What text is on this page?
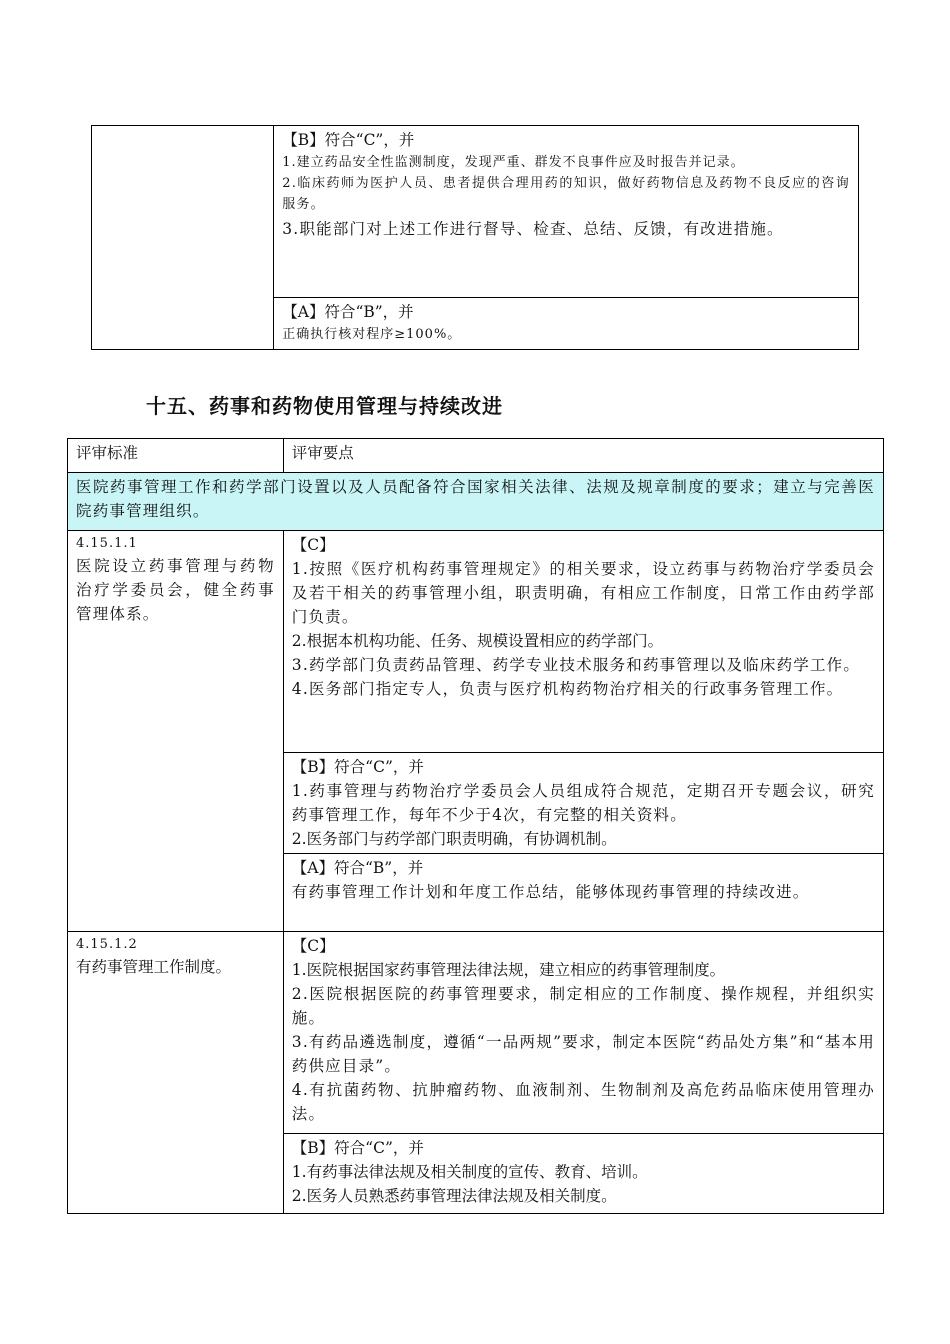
【B】符合“C”，并
1.建立药品安全性监测制度，发现严重、群发不良事件应及时报告并记录。
2.临床药师为医护人员、患者提供合理用药的知识，做好药物信息及药物不良反应的咨询服务。
3.职能部门对上述工作进行督导、检查、总结、反馈，有改进措施。

【A】符合“B”，并
正确执行核对程序≥100%。
十五、药事和药物使用管理与持续改进
评审标准	评审要点
医院药事管理工作和药学部门设置以及人员配备符合国家相关法律、法规及规章制度的要求；建立与完善医院药事管理组织。	

4.15.1.1
医院设立药事管理与药物治疗学委员会，健全药事管理体系。	【C】
1.按照《医疗机构药事管理规定》的相关要求，设立药事与药物治疗学委员会及若干相关的药事管理小组，职责明确，有相应工作制度，日常工作由药学部门负责。
2.根据本机构功能、任务、规模设置相应的药学部门。
3.药学部门负责药品管理、药学专业技术服务和药事管理以及临床药学工作。
4.医务部门指定专人，负责与医疗机构药物治疗相关的行政事务管理工作。

	【B】符合“C”，并
1.药事管理与药物治疗学委员会人员组成符合规范，定期召开专题会议，研究药事管理工作，每年不少于4次，有完整的相关资料。
2.医务部门与药学部门职责明确，有协调机制。

	【A】符合“B”，并
有药事管理工作计划和年度工作总结，能够体现药事管理的持续改进。

4.15.1.2
有药事管理工作制度。	【C】
1.医院根据国家药事管理法律法规，建立相应的药事管理制度。
2.医院根据医院的药事管理要求，制定相应的工作制度、操作规程，并组织实施。
3.有药品遴选制度，遵循“一品两规”要求，制定本医院“药品处方集”和“基本用药供应目录”。
4.有抗菌药物、抗肿瘤药物、血液制剂、生物制剂及高危药品临床使用管理办法。

	【B】符合“C”，并
1.有药事法律法规及相关制度的宣传、教育、培训。
2.医务人员熟悉药事管理法律法规及相关制度。
